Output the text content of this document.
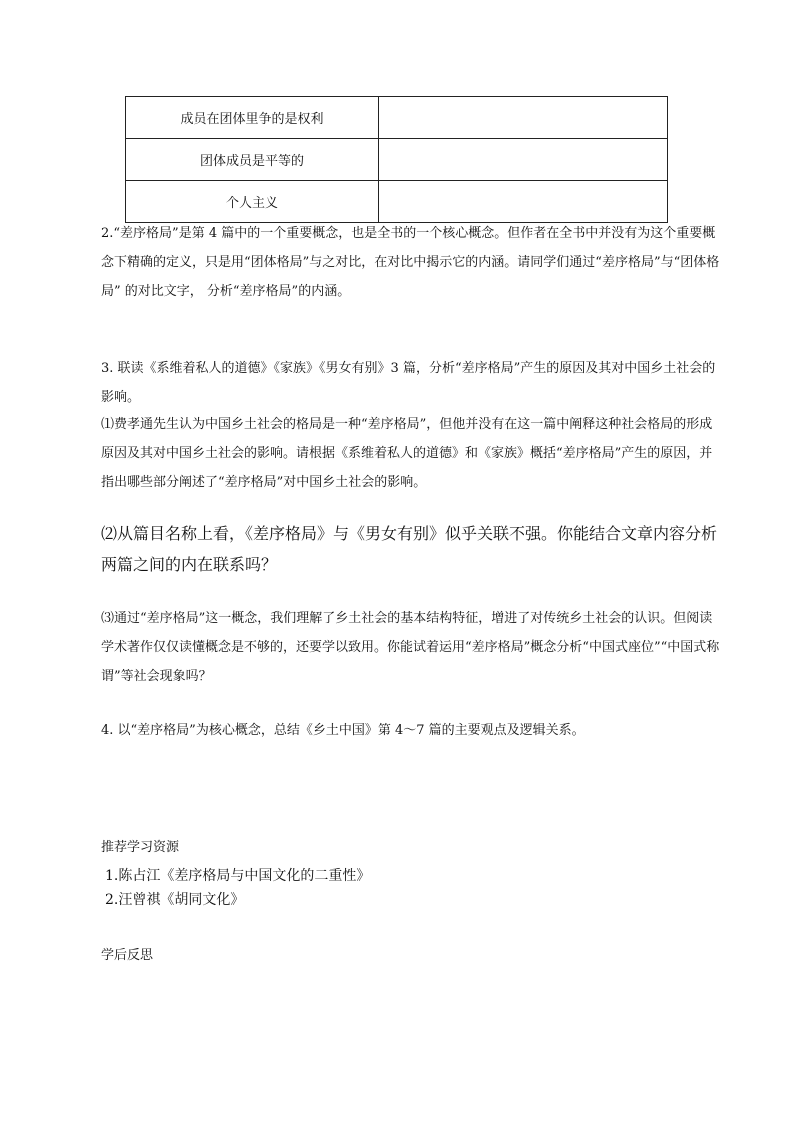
成员在团体里争的是权利	
团体成员是平等的	
个人主义	

2.“差序格局”是第 4 篇中的一个重要概念，也是全书的一个核心概念。但作者在全书中并没有为这个重要概念下精确的定义，只是用“团体格局”与之对比，在对比中揭示它的内涵。请同学们通过“差序格局”与“团体格局” 的对比文字， 分析“差序格局”的内涵。

3. 联读《系维着私人的道德》《家族》《男女有别》3 篇，分析“差序格局”产生的原因及其对中国乡土社会的影响。

⑴费孝通先生认为中国乡土社会的格局是一种“差序格局”，但他并没有在这一篇中阐释这种社会格局的形成原因及其对中国乡土社会的影响。请根据《系维着私人的道德》和《家族》概括“差序格局”产生的原因，并指出哪些部分阐述了“差序格局”对中国乡土社会的影响。

⑵从篇目名称上看，《差序格局》与《男女有别》似乎关联不强。你能结合文章内容分析两篇之间的内在联系吗？

⑶通过“差序格局”这一概念，我们理解了乡土社会的基本结构特征，增进了对传统乡土社会的认识。但阅读学术著作仅仅读懂概念是不够的，还要学以致用。你能试着运用“差序格局”概念分析“中国式座位”“中国式称谓”等社会现象吗？

4. 以“差序格局”为核心概念，总结《乡土中国》第 4～7 篇的主要观点及逻辑关系。

推荐学习资源

1.陈占江《差序格局与中国文化的二重性》

2.汪曾祺《胡同文化》

学后反思
